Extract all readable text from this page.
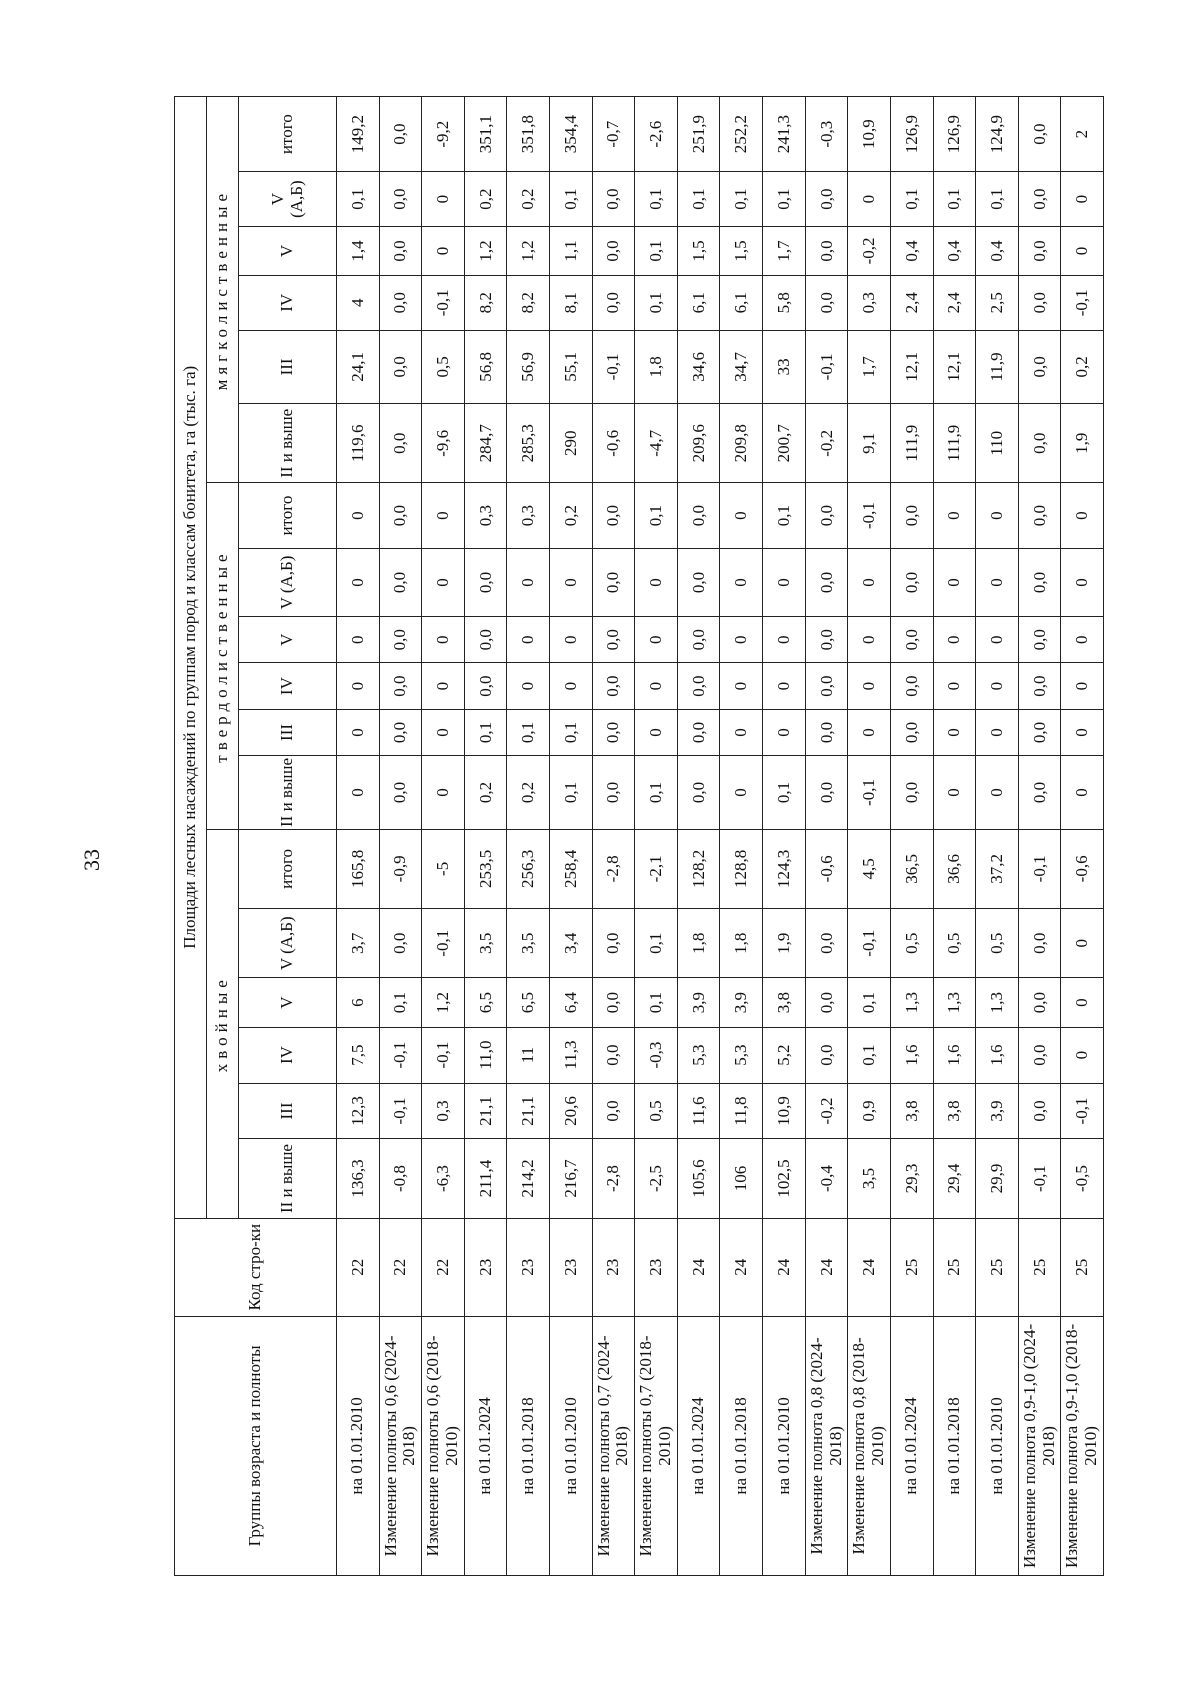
33
Группы возраста и полноты	Код стро-ки	Площади лесных насаждений по группам пород и классам бонитета, га (тыс. га)																	
		хвойные						твердолиственные						мягколиственные					
		II и выше	III	IV	V	V (А,Б)	итого	II и выше	III	IV	V	V (А,Б)	итого	II и выше	III	IV	V	V (А,Б)	итого
на 01.01.2010	22	136,3	12,3	7,5	6	3,7	165,8	0	0	0	0	0	0	119,6	24,1	4	1,4	0,1	149,2
Изменение полноты 0,6 (2024-2018)	22	-0,8	-0,1	-0,1	0,1	0,0	-0,9	0,0	0,0	0,0	0,0	0,0	0,0	0,0	0,0	0,0	0,0	0,0	0,0
Изменение полноты 0,6 (2018-2010)	22	-6,3	0,3	-0,1	1,2	-0,1	-5	0	0	0	0	0	0	-9,6	0,5	-0,1	0	0	-9,2
на 01.01.2024	23	211,4	21,1	11,0	6,5	3,5	253,5	0,2	0,1	0,0	0,0	0,0	0,3	284,7	56,8	8,2	1,2	0,2	351,1
на 01.01.2018	23	214,2	21,1	11	6,5	3,5	256,3	0,2	0,1	0	0	0	0,3	285,3	56,9	8,2	1,2	0,2	351,8
на 01.01.2010	23	216,7	20,6	11,3	6,4	3,4	258,4	0,1	0,1	0	0	0	0,2	290	55,1	8,1	1,1	0,1	354,4
Изменение полноты 0,7 (2024-2018)	23	-2,8	0,0	0,0	0,0	0,0	-2,8	0,0	0,0	0,0	0,0	0,0	0,0	-0,6	-0,1	0,0	0,0	0,0	-0,7
Изменение полноты 0,7 (2018-2010)	23	-2,5	0,5	-0,3	0,1	0,1	-2,1	0,1	0	0	0	0	0,1	-4,7	1,8	0,1	0,1	0,1	-2,6
на 01.01.2024	24	105,6	11,6	5,3	3,9	1,8	128,2	0,0	0,0	0,0	0,0	0,0	0,0	209,6	34,6	6,1	1,5	0,1	251,9
на 01.01.2018	24	106	11,8	5,3	3,9	1,8	128,8	0	0	0	0	0	0	209,8	34,7	6,1	1,5	0,1	252,2
на 01.01.2010	24	102,5	10,9	5,2	3,8	1,9	124,3	0,1	0	0	0	0	0,1	200,7	33	5,8	1,7	0,1	241,3
Изменение полнота 0,8 (2024-2018)	24	-0,4	-0,2	0,0	0,0	0,0	-0,6	0,0	0,0	0,0	0,0	0,0	0,0	-0,2	-0,1	0,0	0,0	0,0	-0,3
Изменение полнота 0,8 (2018-2010)	24	3,5	0,9	0,1	0,1	-0,1	4,5	-0,1	0	0	0	0	-0,1	9,1	1,7	0,3	-0,2	0	10,9
на 01.01.2024	25	29,3	3,8	1,6	1,3	0,5	36,5	0,0	0,0	0,0	0,0	0,0	0,0	111,9	12,1	2,4	0,4	0,1	126,9
на 01.01.2018	25	29,4	3,8	1,6	1,3	0,5	36,6	0	0	0	0	0	0	111,9	12,1	2,4	0,4	0,1	126,9
на 01.01.2010	25	29,9	3,9	1,6	1,3	0,5	37,2	0	0	0	0	0	0	110	11,9	2,5	0,4	0,1	124,9
Изменение полнота 0,9-1,0 (2024-2018)	25	-0,1	0,0	0,0	0,0	0,0	-0,1	0,0	0,0	0,0	0,0	0,0	0,0	0,0	0,0	0,0	0,0	0,0	0,0
Изменение полнота 0,9-1,0 (2018-2010)	25	-0,5	-0,1	0	0	0	-0,6	0	0	0	0	0	0	1,9	0,2	-0,1	0	0	2
